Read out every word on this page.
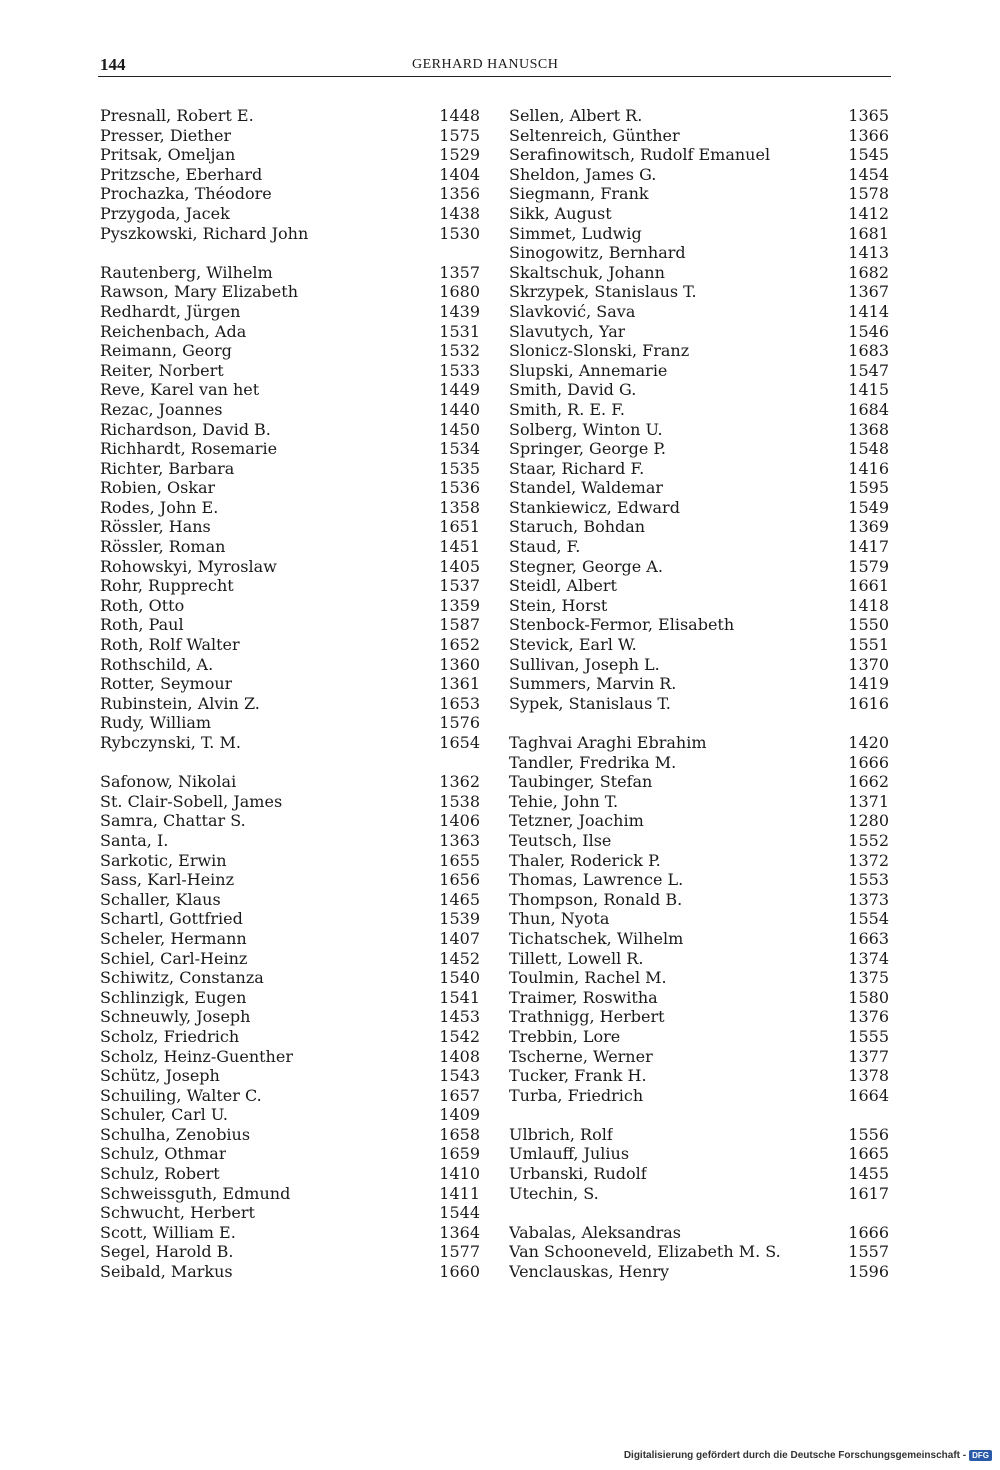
144	GERHARD HANUSCH
Presnall, Robert E.	1448
Presser, Diether	1575
Pritsak, Omeljan	1529
Pritzsche, Eberhard	1404
Prochazka, Théodore	1356
Przygoda, Jacek	1438
Pyszkowski, Richard John	1530
Rautenberg, Wilhelm	1357
Rawson, Mary Elizabeth	1680
Redhardt, Jürgen	1439
Reichenbach, Ada	1531
Reimann, Georg	1532
Reiter, Norbert	1533
Reve, Karel van het	1449
Rezac, Joannes	1440
Richardson, David B.	1450
Richhardt, Rosemarie	1534
Richter, Barbara	1535
Robien, Oskar	1536
Rodes, John E.	1358
Rössler, Hans	1651
Rössler, Roman	1451
Rohowskyi, Myroslaw	1405
Rohr, Rupprecht	1537
Roth, Otto	1359
Roth, Paul	1587
Roth, Rolf Walter	1652
Rothschild, A.	1360
Rotter, Seymour	1361
Rubinstein, Alvin Z.	1653
Rudy, William	1576
Rybczynski, T. M.	1654
Safonow, Nikolai	1362
St. Clair-Sobell, James	1538
Samra, Chattar S.	1406
Santa, I.	1363
Sarkotic, Erwin	1655
Sass, Karl-Heinz	1656
Schaller, Klaus	1465
Schartl, Gottfried	1539
Scheler, Hermann	1407
Schiel, Carl-Heinz	1452
Schiwitz, Constanza	1540
Schlinzigk, Eugen	1541
Schneuwly, Joseph	1453
Scholz, Friedrich	1542
Scholz, Heinz-Guenther	1408
Schütz, Joseph	1543
Schuiling, Walter C.	1657
Schuler, Carl U.	1409
Schulha, Zenobius	1658
Schulz, Othmar	1659
Schulz, Robert	1410
Schweissguth, Edmund	1411
Schwucht, Herbert	1544
Scott, William E.	1364
Segel, Harold B.	1577
Seibald, Markus	1660
Sellen, Albert R.	1365
Seltenreich, Günther	1366
Serafinowitsch, Rudolf Emanuel	1545
Sheldon, James G.	1454
Siegmann, Frank	1578
Sikk, August	1412
Simmet, Ludwig	1681
Sinogowitz, Bernhard	1413
Skaltschuk, Johann	1682
Skrzypek, Stanislaus T.	1367
Slavković, Sava	1414
Slavutych, Yar	1546
Slonicz-Slonski, Franz	1683
Slupski, Annemarie	1547
Smith, David G.	1415
Smith, R. E. F.	1684
Solberg, Winton U.	1368
Springer, George P.	1548
Staar, Richard F.	1416
Standel, Waldemar	1595
Stankiewicz, Edward	1549
Staruch, Bohdan	1369
Staud, F.	1417
Stegner, George A.	1579
Steidl, Albert	1661
Stein, Horst	1418
Stenbock-Fermor, Elisabeth	1550
Stevick, Earl W.	1551
Sullivan, Joseph L.	1370
Summers, Marvin R.	1419
Sypek, Stanislaus T.	1616
Taghvai Araghi Ebrahim	1420
Tandler, Fredrika M.	1666
Taubinger, Stefan	1662
Tehie, John T.	1371
Tetzner, Joachim	1280
Teutsch, Ilse	1552
Thaler, Roderick P.	1372
Thomas, Lawrence L.	1553
Thompson, Ronald B.	1373
Thun, Nyota	1554
Tichatschek, Wilhelm	1663
Tillett, Lowell R.	1374
Toulmin, Rachel M.	1375
Traimer, Roswitha	1580
Trathnigg, Herbert	1376
Trebbin, Lore	1555
Tscherne, Werner	1377
Tucker, Frank H.	1378
Turba, Friedrich	1664
Ulbrich, Rolf	1556
Umlauff, Julius	1665
Urbanski, Rudolf	1455
Utechin, S.	1617
Vabalas, Aleksandras	1666
Van Schooneveld, Elizabeth M. S.	1557
Venclauskas, Henry	1596
Digitalisierung gefördert durch die Deutsche Forschungsgemeinschaft - DFG
